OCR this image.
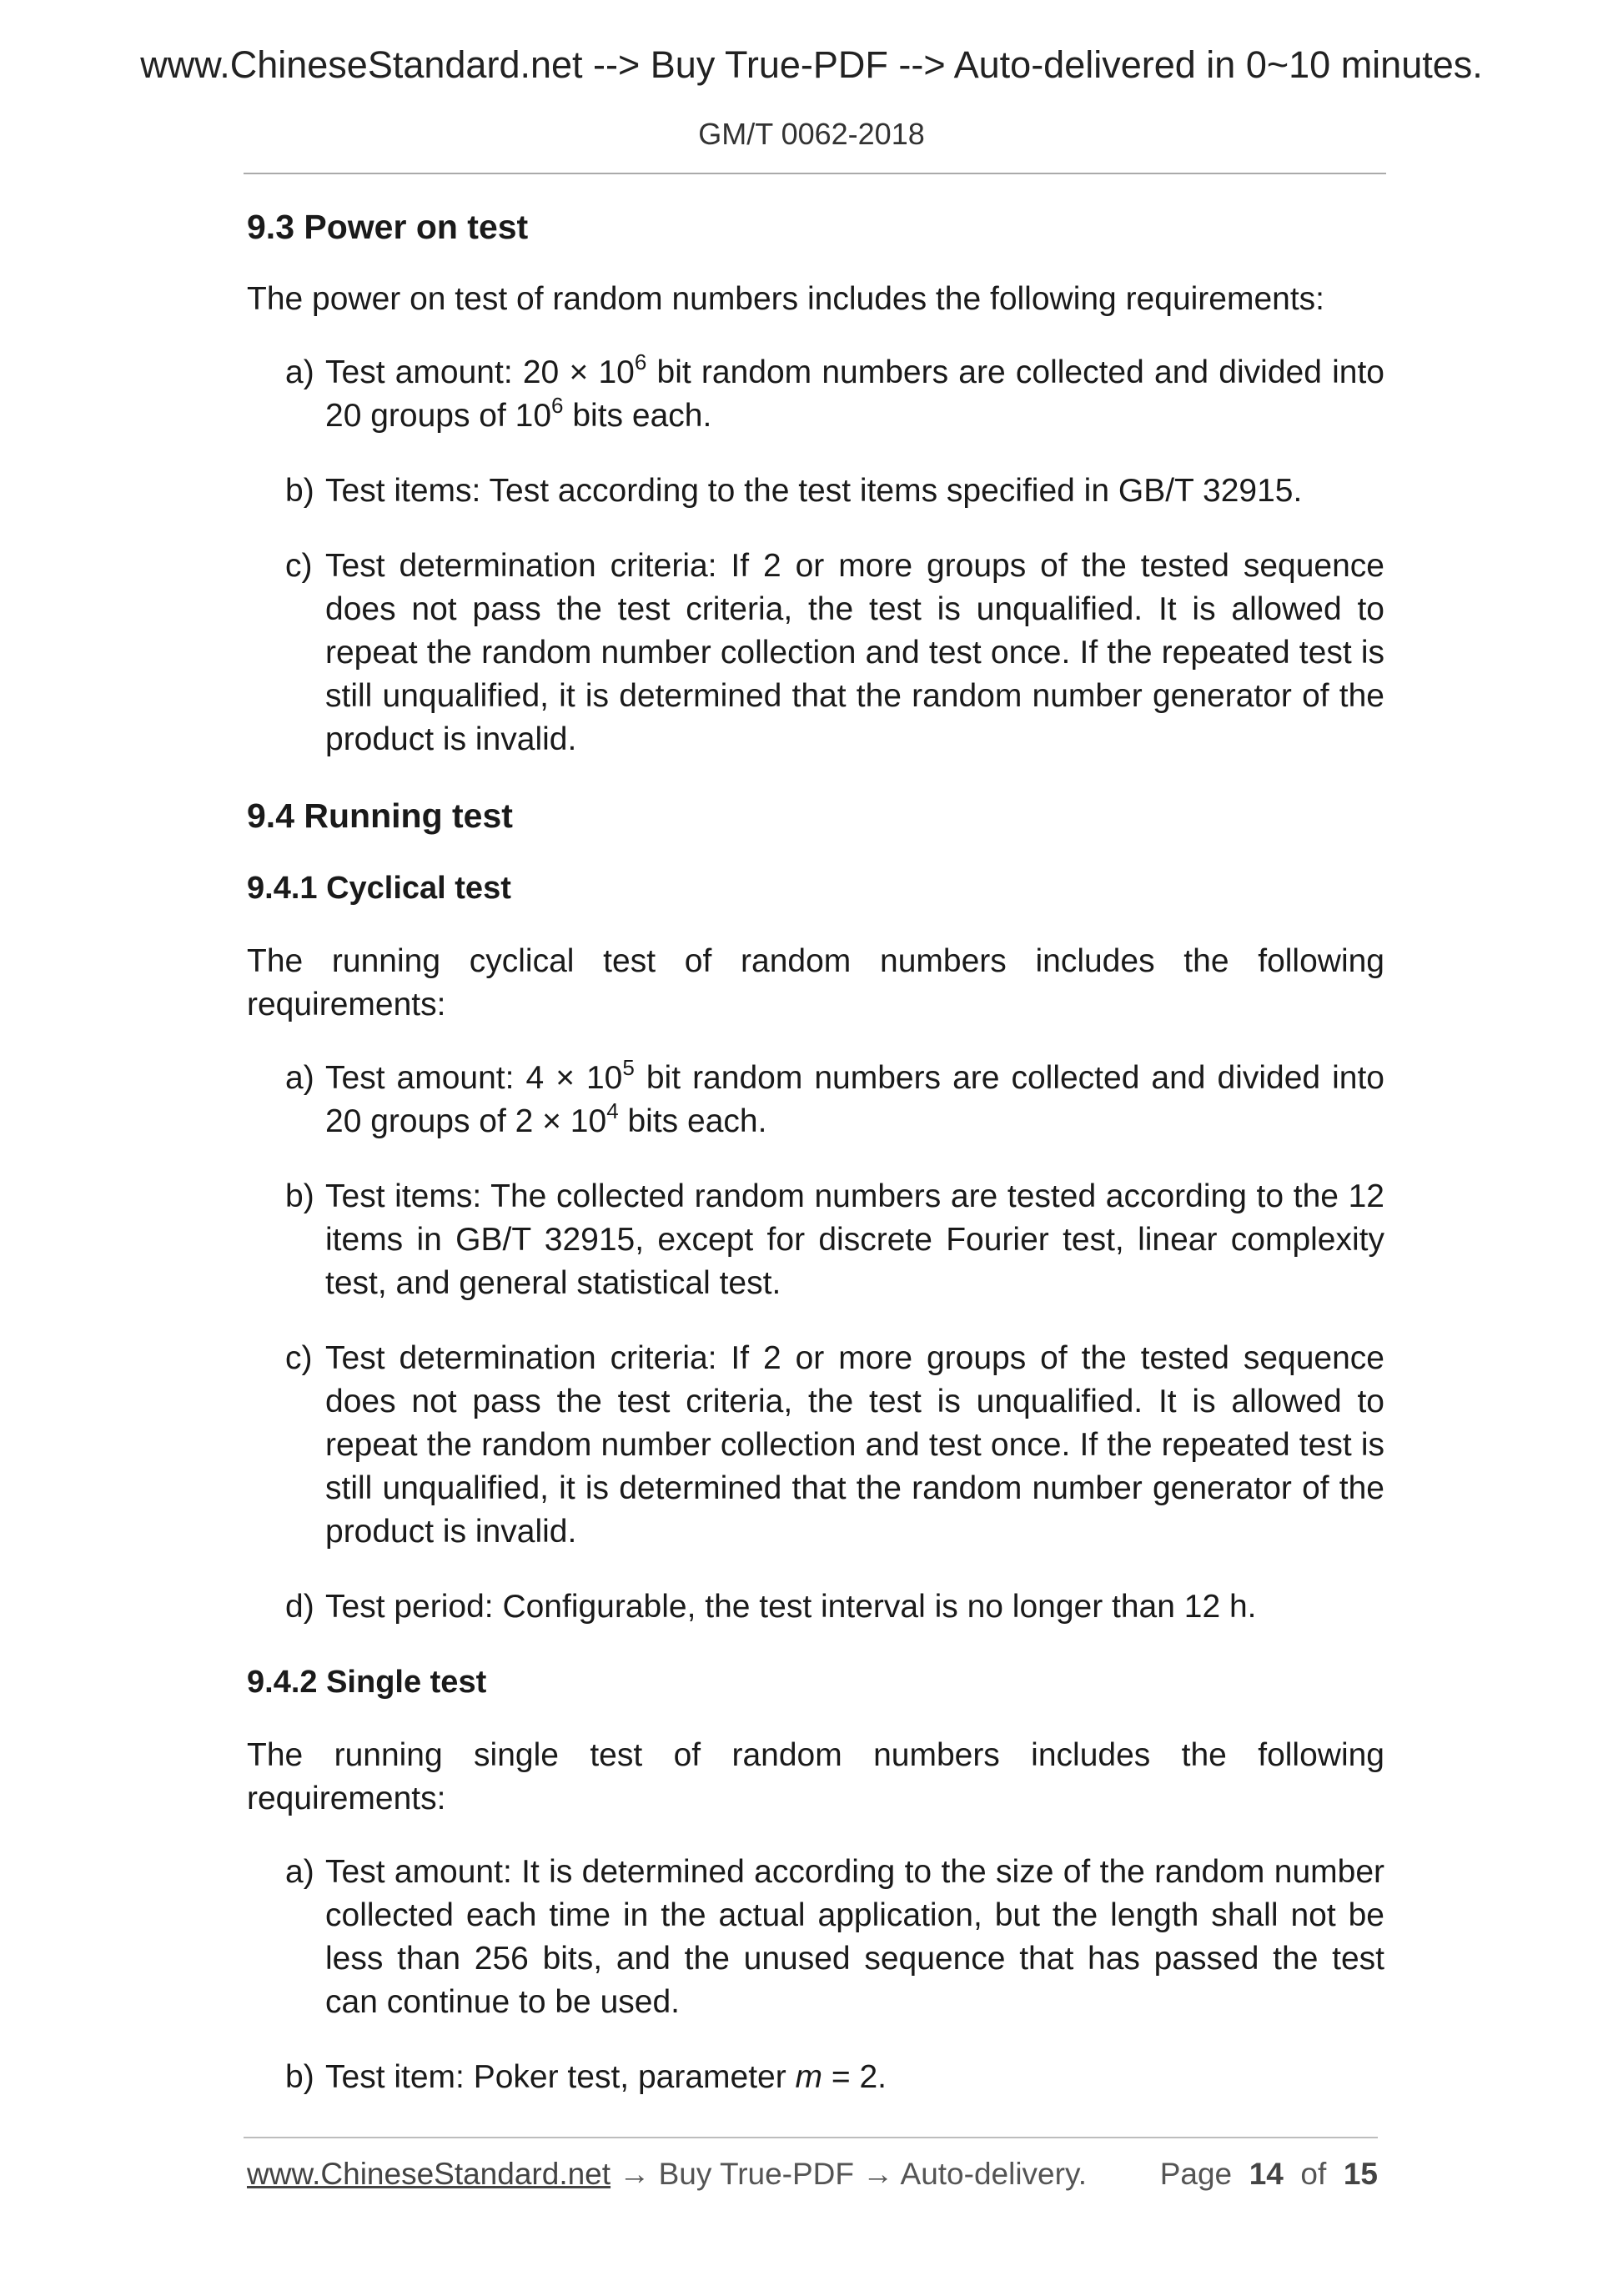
www.ChineseStandard.net --> Buy True-PDF --> Auto-delivered in 0~10 minutes.
GM/T 0062-2018
9.3 Power on test

The power on test of random numbers includes the following requirements:

a) Test amount: $20 \times 10^6$ bit random numbers are collected and divided into 20 groups of $10^6$ bits each.
b) Test items: Test according to the test items specified in GB/T 32915.
c) Test determination criteria: If 2 or more groups of the tested sequence does not pass the test criteria, the test is unqualified. It is allowed to repeat the random number collection and test once. If the repeated test is still unqualified, it is determined that the random number generator of the product is invalid.
9.4 Running test
9.4.1 Cyclical test

The running cyclical test of random numbers includes the following requirements:

a) Test amount: $4 \times 10^5$ bit random numbers are collected and divided into 20 groups of $2 \times 10^4$ bits each.
b) Test items: The collected random numbers are tested according to the 12 items in GB/T 32915, except for discrete Fourier test, linear complexity test, and general statistical test.
c) Test determination criteria: If 2 or more groups of the tested sequence does not pass the test criteria, the test is unqualified. It is allowed to repeat the random number collection and test once. If the repeated test is still unqualified, it is determined that the random number generator of the product is invalid.
d) Test period: Configurable, the test interval is no longer than 12 h.
9.4.2 Single test

The running single test of random numbers includes the following requirements:

a) Test amount: It is determined according to the size of the random number collected each time in the actual application, but the length shall not be less than 256 bits, and the unused sequence that has passed the test can continue to be used.
b) Test item: Poker test, parameter m = 2.
www.ChineseStandard.net → Buy True-PDF → Auto-delivery. Page 14 of 15
